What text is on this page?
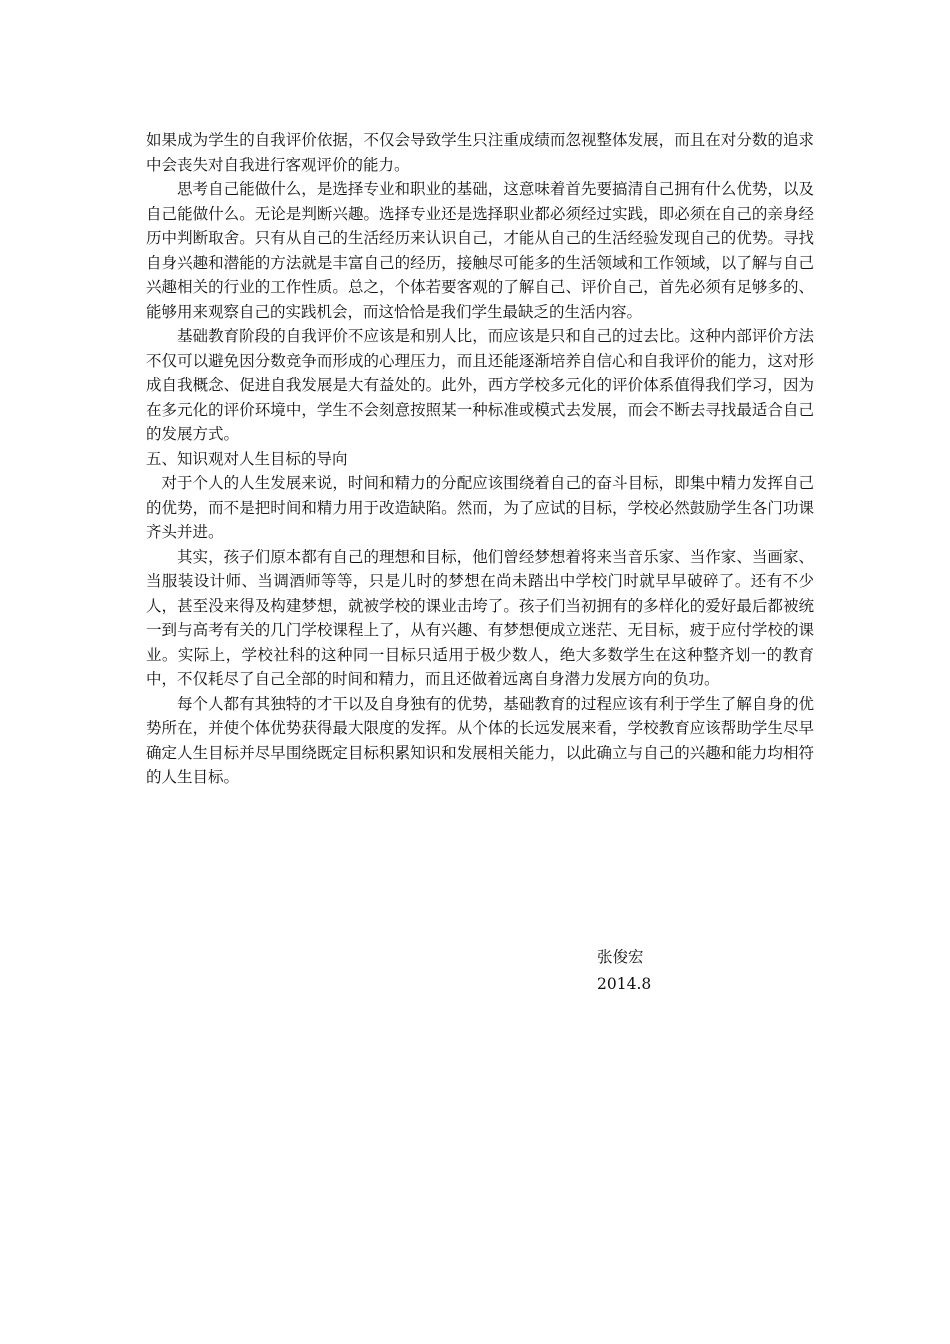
如果成为学生的自我评价依据，不仅会导致学生只注重成绩而忽视整体发展，而且在对分数的追求中会丧失对自我进行客观评价的能力。

思考自己能做什么，是选择专业和职业的基础，这意味着首先要搞清自己拥有什么优势，以及自己能做什么。无论是判断兴趣。选择专业还是选择职业都必须经过实践，即必须在自己的亲身经历中判断取舍。只有从自己的生活经历来认识自己，才能从自己的生活经验发现自己的优势。寻找自身兴趣和潜能的方法就是丰富自己的经历，接触尽可能多的生活领域和工作领域，以了解与自己兴趣相关的行业的工作性质。总之，个体若要客观的了解自己、评价自己，首先必须有足够多的、能够用来观察自己的实践机会，而这恰恰是我们学生最缺乏的生活内容。

基础教育阶段的自我评价不应该是和别人比，而应该是只和自己的过去比。这种内部评价方法不仅可以避免因分数竞争而形成的心理压力，而且还能逐渐培养自信心和自我评价的能力，这对形成自我概念、促进自我发展是大有益处的。此外，西方学校多元化的评价体系值得我们学习，因为在多元化的评价环境中，学生不会刻意按照某一种标准或模式去发展，而会不断去寻找最适合自己的发展方式。

五、知识观对人生目标的导向

对于个人的人生发展来说，时间和精力的分配应该围绕着自己的奋斗目标，即集中精力发挥自己的优势，而不是把时间和精力用于改造缺陷。然而，为了应试的目标，学校必然鼓励学生各门功课齐头并进。

其实，孩子们原本都有自己的理想和目标，他们曾经梦想着将来当音乐家、当作家、当画家、当服装设计师、当调酒师等等，只是儿时的梦想在尚未踏出中学校门时就早早破碎了。还有不少人，甚至没来得及构建梦想，就被学校的课业击垮了。孩子们当初拥有的多样化的爱好最后都被统一到与高考有关的几门学校课程上了，从有兴趣、有梦想便成立迷茫、无目标，疲于应付学校的课业。实际上，学校社科的这种同一目标只适用于极少数人，绝大多数学生在这种整齐划一的教育中，不仅耗尽了自己全部的时间和精力，而且还做着远离自身潜力发展方向的负功。

每个人都有其独特的才干以及自身独有的优势，基础教育的过程应该有利于学生了解自身的优势所在，并使个体优势获得最大限度的发挥。从个体的长远发展来看，学校教育应该帮助学生尽早确定人生目标并尽早围绕既定目标积累知识和发展相关能力，以此确立与自己的兴趣和能力均相符的人生目标。

张俊宏
2014.8
